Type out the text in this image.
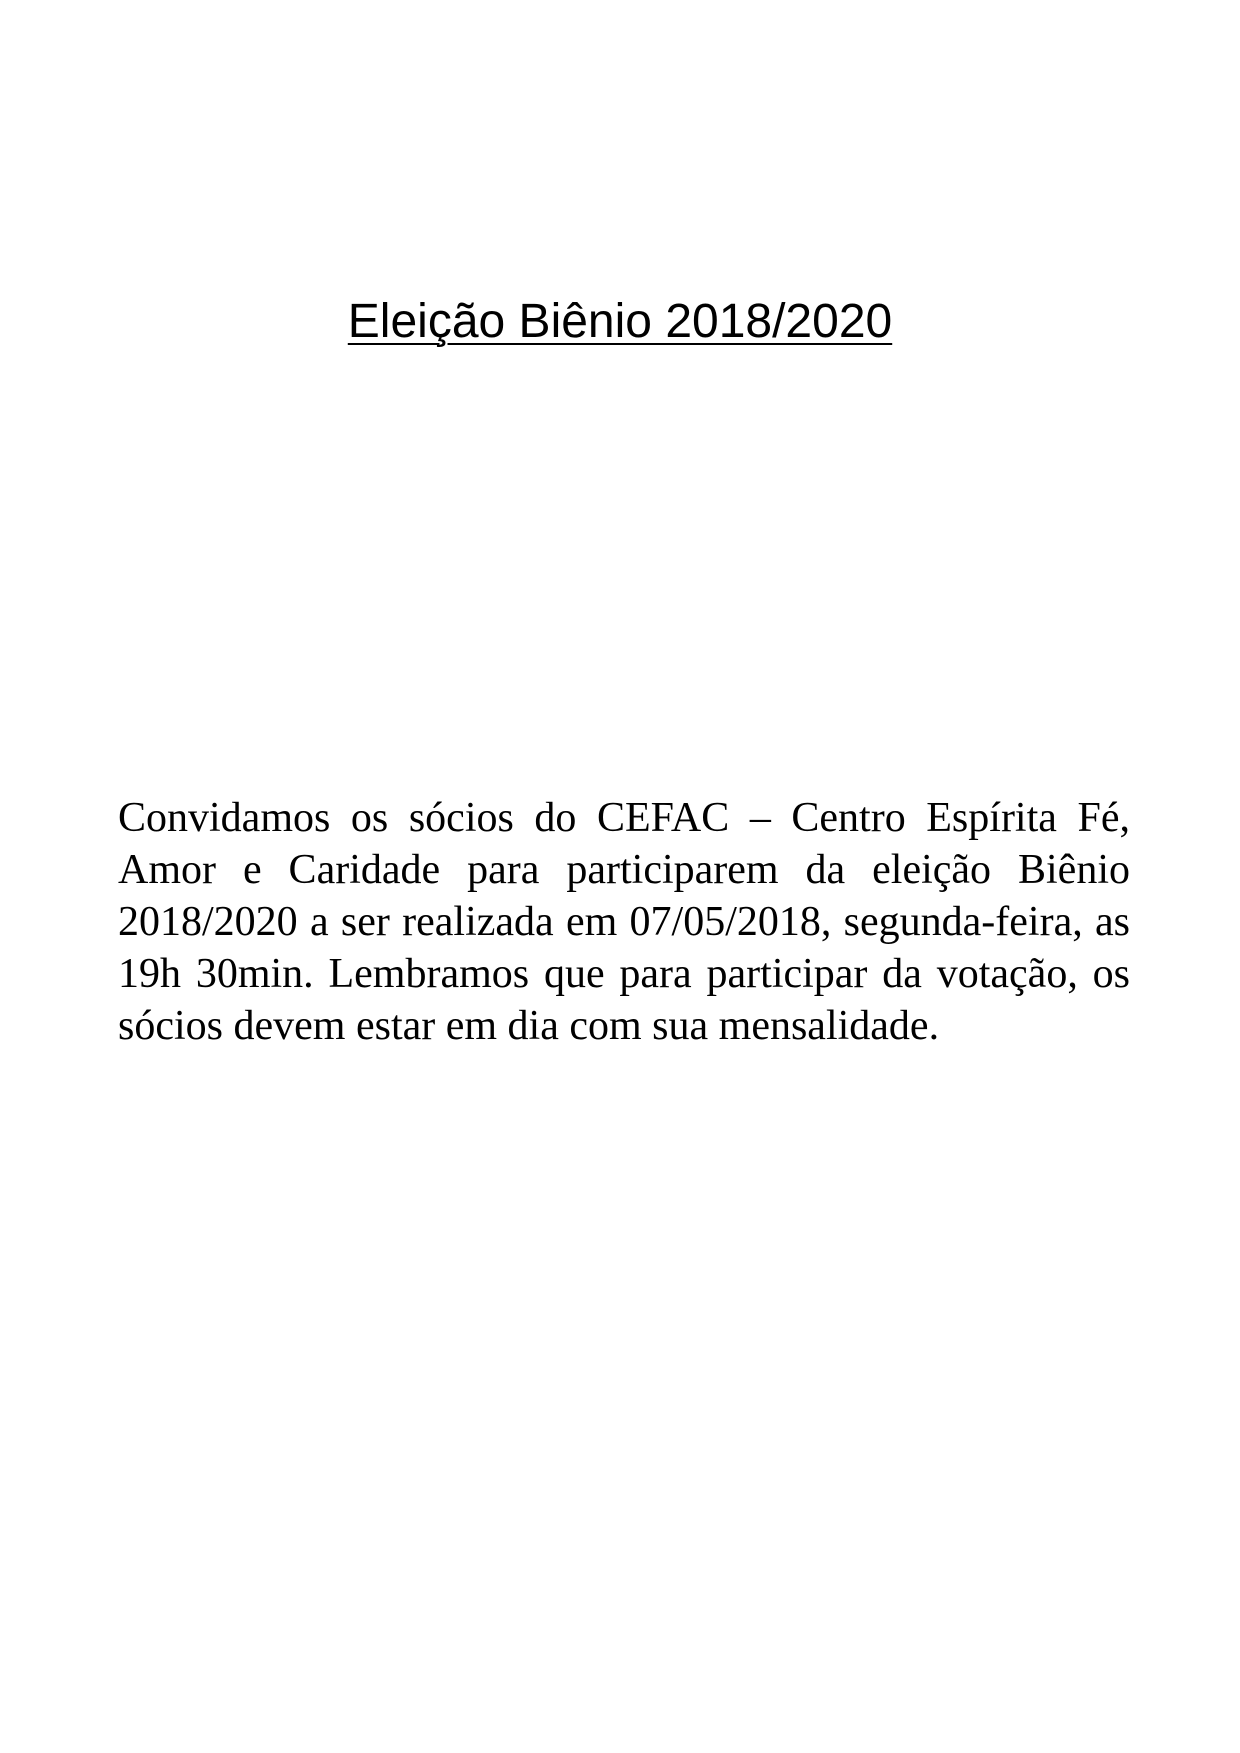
Eleição Biênio 2018/2020

Convidamos os sócios do CEFAC – Centro Espírita Fé, Amor e Caridade para participarem da eleição Biênio 2018/2020 a ser realizada em 07/05/2018, segunda-feira, as 19h 30min. Lembramos que para participar da votação, os sócios devem estar em dia com sua mensalidade.
